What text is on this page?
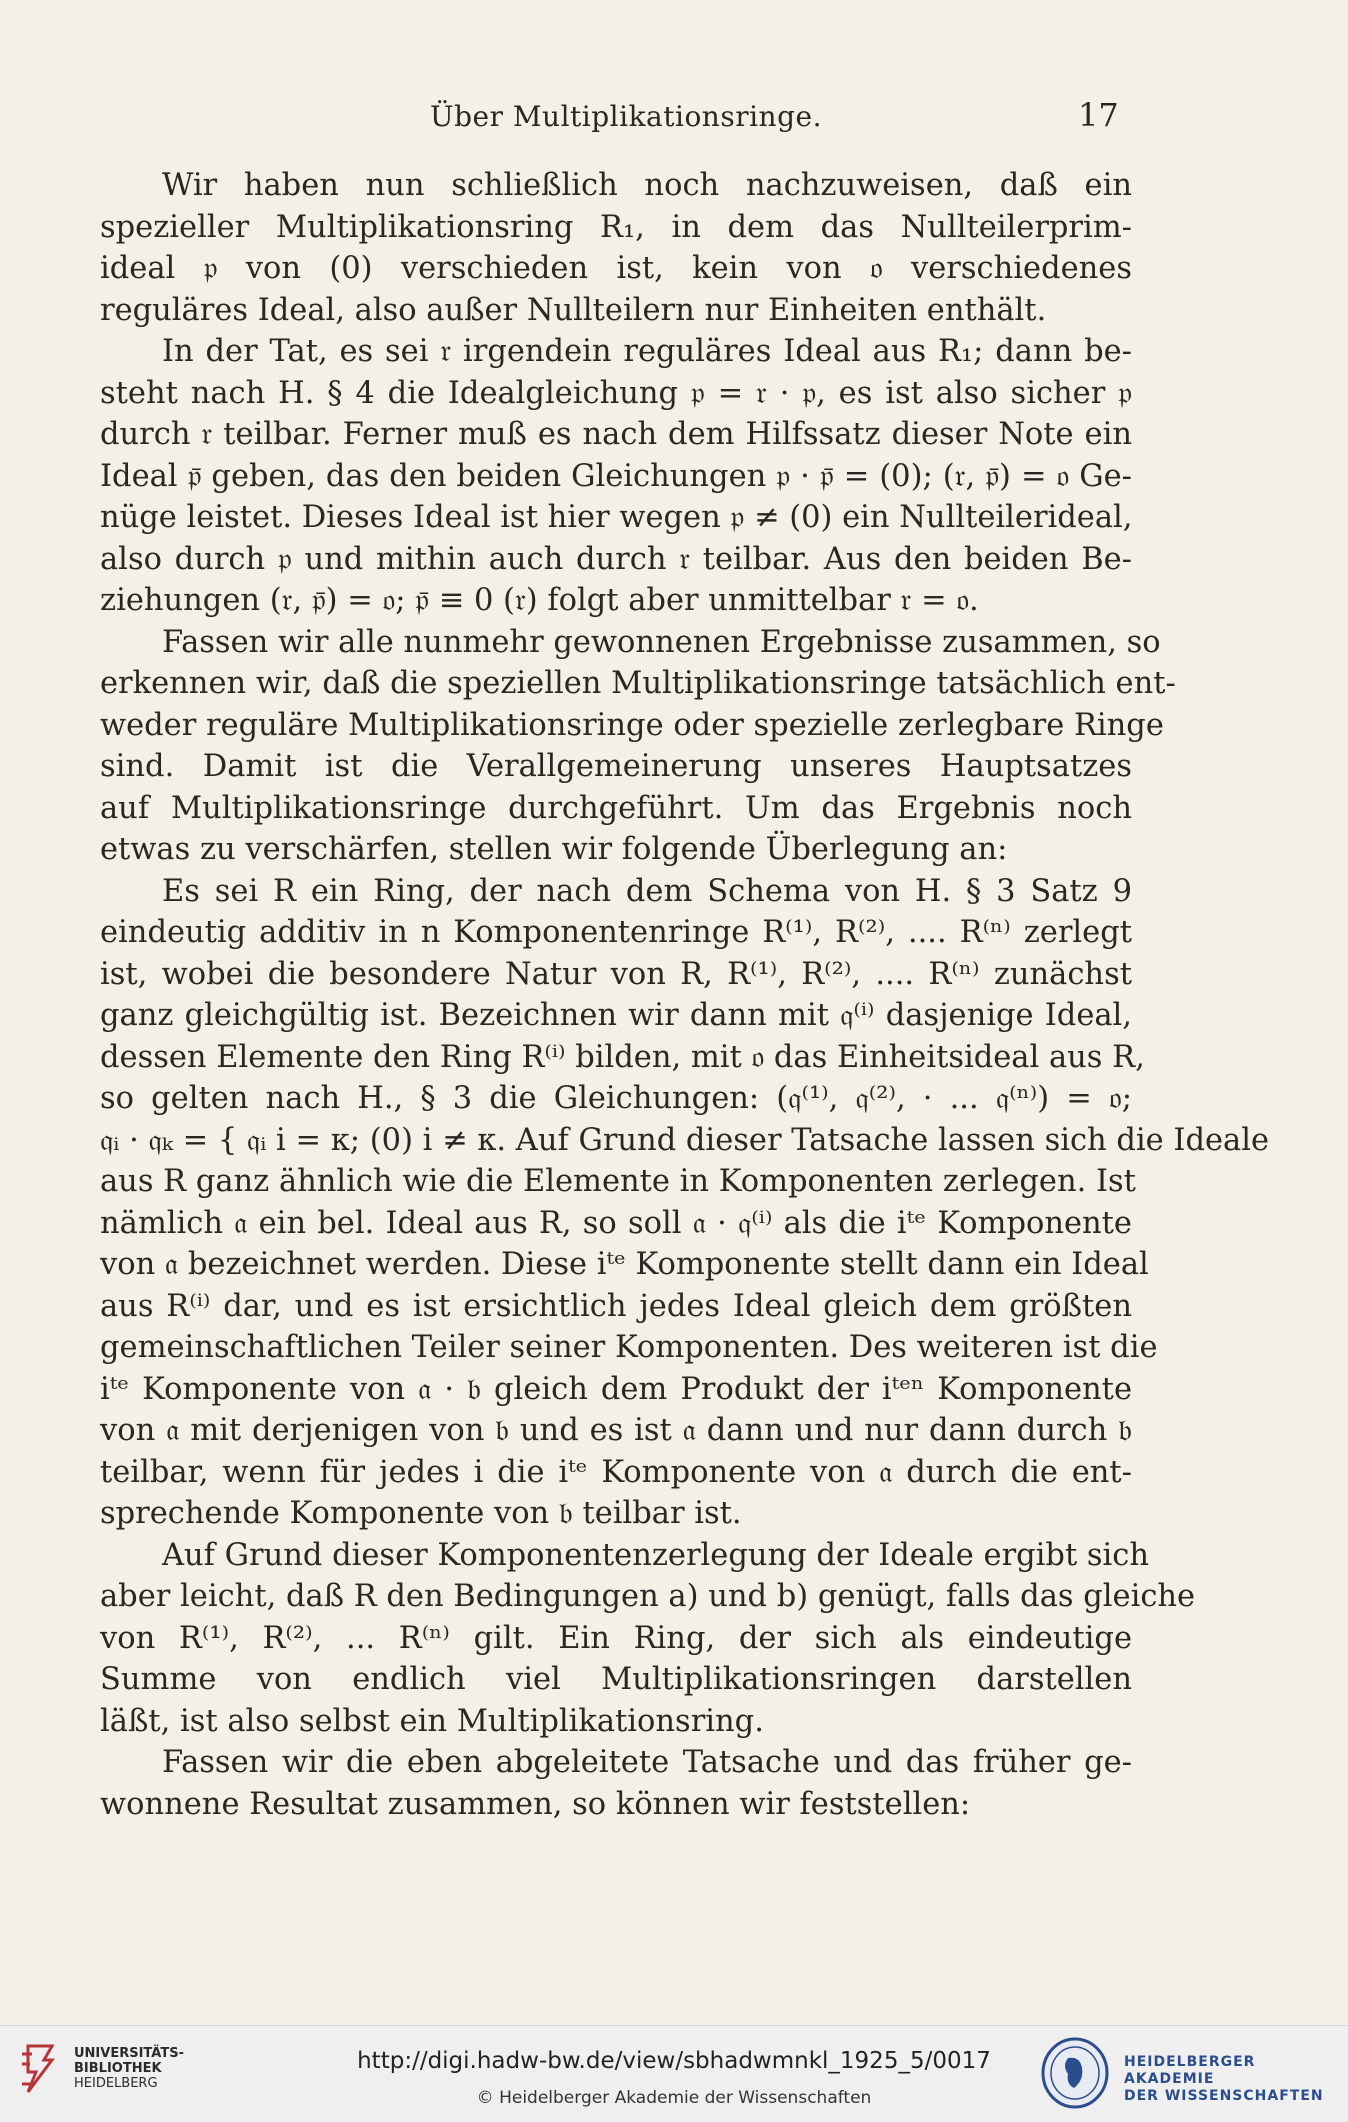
Über Multiplikationsringe.	17
Wir haben nun schließlich noch nachzuweisen, daß ein
spezieller Multiplikationsring R₁, in dem das Nullteilerprim-
ideal 𝔭 von (0) verschieden ist, kein von 𝔬 verschiedenes
reguläres Ideal, also außer Nullteilern nur Einheiten enthält.
In der Tat, es sei 𝔯 irgendein reguläres Ideal aus R₁; dann be-
steht nach H. § 4 die Idealgleichung 𝔭 = 𝔯 · 𝔭, es ist also sicher 𝔭
durch 𝔯 teilbar. Ferner muß es nach dem Hilfssatz dieser Note ein
Ideal 𝔭̄ geben, das den beiden Gleichungen 𝔭 · 𝔭̄ = (0); (𝔯, 𝔭̄) = 𝔬 Ge-
nüge leistet. Dieses Ideal ist hier wegen 𝔭 ≠ (0) ein Nullteilerideal,
also durch 𝔭 und mithin auch durch 𝔯 teilbar. Aus den beiden Be-
ziehungen (𝔯, 𝔭̄) = 𝔬; 𝔭̄ ≡ 0 (𝔯) folgt aber unmittelbar 𝔯 = 𝔬.
Fassen wir alle nunmehr gewonnenen Ergebnisse zusammen, so
erkennen wir, daß die speziellen Multiplikationsringe tatsächlich ent-
weder reguläre Multiplikationsringe oder spezielle zerlegbare Ringe
sind. Damit ist die Verallgemeinerung unseres Hauptsatzes
auf Multiplikationsringe durchgeführt. Um das Ergebnis noch
etwas zu verschärfen, stellen wir folgende Überlegung an:
Es sei R ein Ring, der nach dem Schema von H. § 3 Satz 9
eindeutig additiv in n Komponentenringe R⁽¹⁾, R⁽²⁾, .... R⁽ⁿ⁾ zerlegt
ist, wobei die besondere Natur von R, R⁽¹⁾, R⁽²⁾, .... R⁽ⁿ⁾ zunächst
ganz gleichgültig ist. Bezeichnen wir dann mit 𝔮⁽ⁱ⁾ dasjenige Ideal,
dessen Elemente den Ring R⁽ⁱ⁾ bilden, mit 𝔬 das Einheitsideal aus R,
so gelten nach H., § 3 die Gleichungen: (𝔮⁽¹⁾, 𝔮⁽²⁾, · ... 𝔮⁽ⁿ⁾) = 𝔬;
𝔮ᵢ · 𝔮ₖ = { 𝔮ᵢ i = κ; (0) i ≠ κ. Auf Grund dieser Tatsache lassen sich die Ideale
aus R ganz ähnlich wie die Elemente in Komponenten zerlegen. Ist
nämlich 𝔞 ein bel. Ideal aus R, so soll 𝔞 · 𝔮⁽ⁱ⁾ als die iᵗᵉ Komponente
von 𝔞 bezeichnet werden. Diese iᵗᵉ Komponente stellt dann ein Ideal
aus R⁽ⁱ⁾ dar, und es ist ersichtlich jedes Ideal gleich dem größten
gemeinschaftlichen Teiler seiner Komponenten. Des weiteren ist die
iᵗᵉ Komponente von 𝔞 · 𝔟 gleich dem Produkt der iᵗᵉⁿ Komponente
von 𝔞 mit derjenigen von 𝔟 und es ist 𝔞 dann und nur dann durch 𝔟
teilbar, wenn für jedes i die iᵗᵉ Komponente von 𝔞 durch die ent-
sprechende Komponente von 𝔟 teilbar ist.
Auf Grund dieser Komponentenzerlegung der Ideale ergibt sich
aber leicht, daß R den Bedingungen a) und b) genügt, falls das gleiche
von R⁽¹⁾, R⁽²⁾, ... R⁽ⁿ⁾ gilt. Ein Ring, der sich als eindeutige
Summe von endlich viel Multiplikationsringen darstellen
läßt, ist also selbst ein Multiplikationsring.
Fassen wir die eben abgeleitete Tatsache und das früher ge-
wonnene Resultat zusammen, so können wir feststellen:
UNIVERSITÄTS-
BIBLIOTHEK
HEIDELBERG
http://digi.hadw-bw.de/view/sbhadwmnkl_1925_5/0017
© Heidelberger Akademie der Wissenschaften
HEIDELBERGER AKADEMIE
DER WISSENSCHAFTEN
